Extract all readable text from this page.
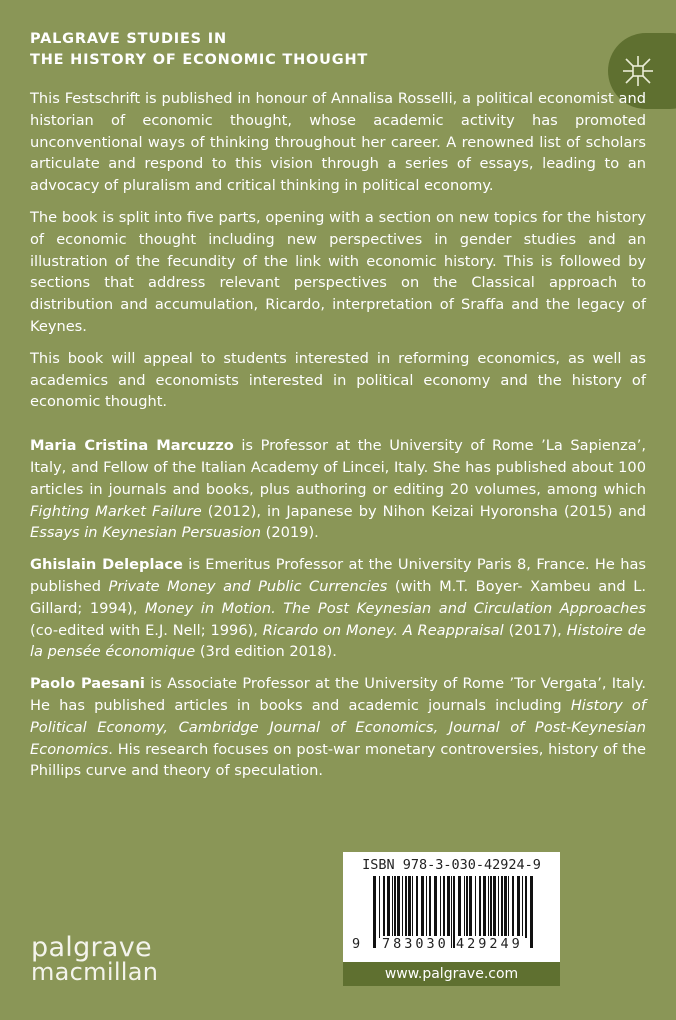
PALGRAVE STUDIES IN
THE HISTORY OF ECONOMIC THOUGHT

This Festschrift is published in honour of Annalisa Rosselli, a political economist and historian of economic thought, whose academic activity has promoted unconventional ways of thinking throughout her career. A renowned list of scholars articulate and respond to this vision through a series of essays, leading to an advocacy of pluralism and critical thinking in political economy.

The book is split into five parts, opening with a section on new topics for the history of economic thought including new perspectives in gender studies and an illustration of the fecundity of the link with economic history. This is followed by sections that address relevant perspectives on the Classical approach to distribution and accumulation, Ricardo, interpretation of Sraffa and the legacy of Keynes.

This book will appeal to students interested in reforming economics, as well as academics and economists interested in political economy and the history of economic thought.

Maria Cristina Marcuzzo is Professor at the University of Rome ’La Sapienza’, Italy, and Fellow of the Italian Academy of Lincei, Italy. She has published about 100 articles in journals and books, plus authoring or editing 20 volumes, among which Fighting Market Failure (2012), in Japanese by Nihon Keizai Hyoronsha (2015) and Essays in Keynesian Persuasion (2019).

Ghislain Deleplace is Emeritus Professor at the University Paris 8, France. He has published Private Money and Public Currencies (with M.T. Boyer- Xambeu and L. Gillard; 1994), Money in Motion. The Post Keynesian and Circulation Approaches (co-edited with E.J. Nell; 1996), Ricardo on Money. A Reappraisal (2017), Histoire de la pensée économique (3rd edition 2018).

Paolo Paesani is Associate Professor at the University of Rome ’Tor Vergata’, Italy. He has published articles in books and academic journals including History of Political Economy, Cambridge Journal of Economics, Journal of Post-Keynesian Economics. His research focuses on post-war monetary controversies, history of the Phillips curve and theory of speculation.

ISBN 978-3-030-42924-9
9 783030 429249
www.palgrave.com
palgrave
macmillan
